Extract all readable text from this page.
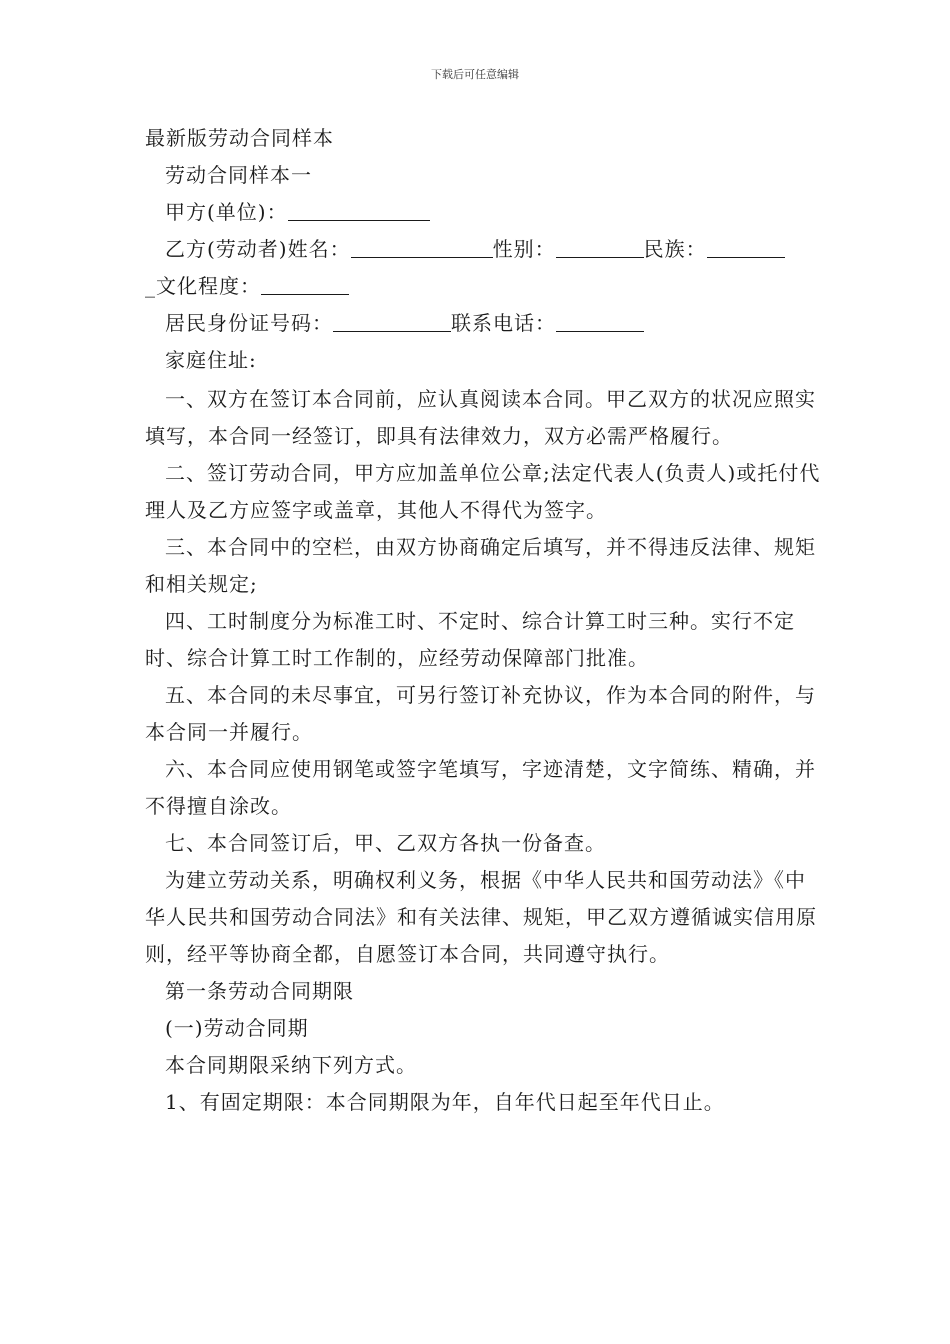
下载后可任意编辑

最新版劳动合同样本

劳动合同样本一

甲方(单位)：

乙方(劳动者)姓名：	性别：	民族：

_文化程度：

居民身份证号码：	联系电话：

家庭住址:

一、双方在签订本合同前，应认真阅读本合同。甲乙双方的状况应照实填写，本合同一经签订，即具有法律效力，双方必需严格履行。

二、签订劳动合同，甲方应加盖单位公章;法定代表人(负责人)或托付代理人及乙方应签字或盖章，其他人不得代为签字。

三、本合同中的空栏，由双方协商确定后填写，并不得违反法律、规矩和相关规定;

四、工时制度分为标准工时、不定时、综合计算工时三种。实行不定时、综合计算工时工作制的，应经劳动保障部门批准。

五、本合同的未尽事宜，可另行签订补充协议，作为本合同的附件，与本合同一并履行。

六、本合同应使用钢笔或签字笔填写，字迹清楚，文字简练、精确，并不得擅自涂改。

七、本合同签订后，甲、乙双方各执一份备查。

为建立劳动关系，明确权利义务，根据《中华人民共和国劳动法》《中华人民共和国劳动合同法》和有关法律、规矩，甲乙双方遵循诚实信用原则，经平等协商全都，自愿签订本合同，共同遵守执行。

第一条劳动合同期限

(一)劳动合同期

本合同期限采纳下列方式。

1、有固定期限：本合同期限为年，自年代日起至年代日止。
